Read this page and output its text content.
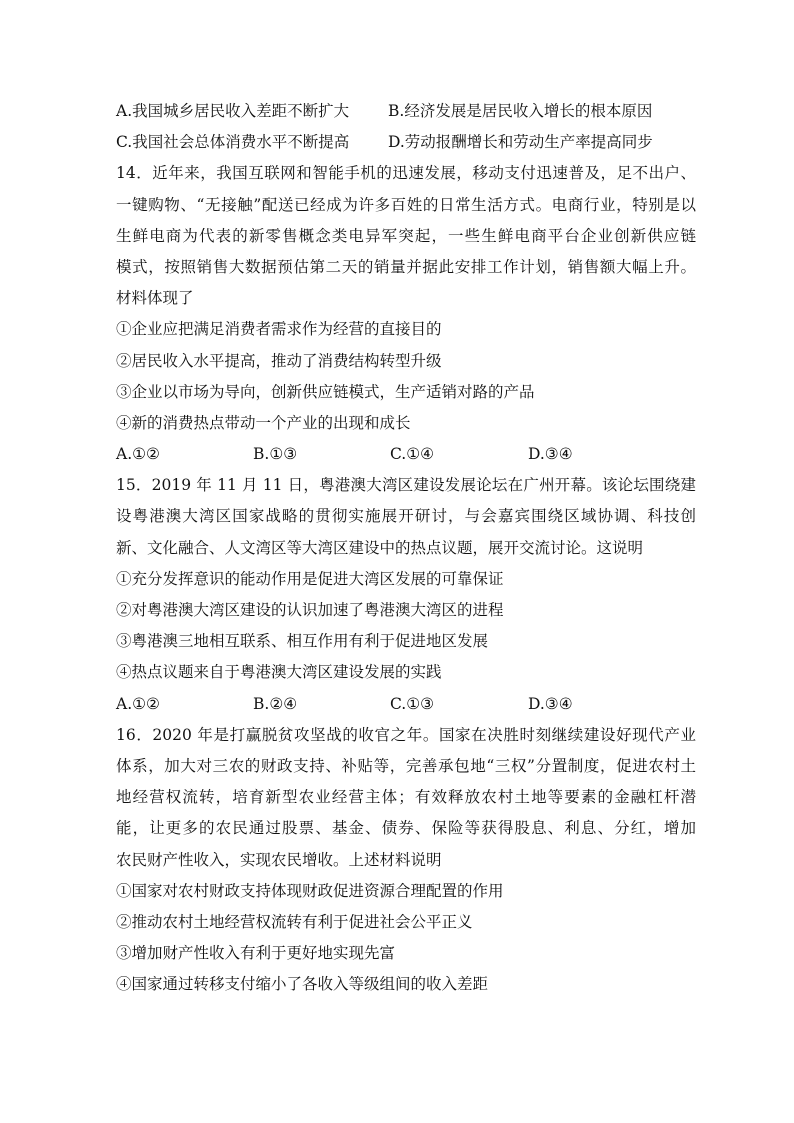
A.我国城乡居民收入差距不断扩大	B.经济发展是居民收入增长的根本原因
C.我国社会总体消费水平不断提高	D.劳动报酬增长和劳动生产率提高同步
14．近年来，我国互联网和智能手机的迅速发展，移动支付迅速普及，足不出户、
一键购物、“无接触”配送已经成为许多百姓的日常生活方式。电商行业，特别是以
生鲜电商为代表的新零售概念类电异军突起，一些生鲜电商平台企业创新供应链
模式，按照销售大数据预估第二天的销量并据此安排工作计划，销售额大幅上升。
材料体现了
①企业应把满足消费者需求作为经营的直接目的
②居民收入水平提高，推动了消费结构转型升级
③企业以市场为导向，创新供应链模式，生产适销对路的产品
④新的消费热点带动一个产业的出现和成长
A.①②	B.①③	C.①④	D.③④
15．2019 年 11 月 11 日，粤港澳大湾区建设发展论坛在广州开幕。该论坛围绕建
设粤港澳大湾区国家战略的贯彻实施展开研讨，与会嘉宾围绕区域协调、科技创
新、文化融合、人文湾区等大湾区建设中的热点议题，展开交流讨论。这说明
①充分发挥意识的能动作用是促进大湾区发展的可靠保证
②对粤港澳大湾区建设的认识加速了粤港澳大湾区的进程
③粤港澳三地相互联系、相互作用有利于促进地区发展
④热点议题来自于粤港澳大湾区建设发展的实践
A.①②	B.②④	C.①③	D.③④
16．2020 年是打赢脱贫攻坚战的收官之年。国家在决胜时刻继续建设好现代产业
体系，加大对三农的财政支持、补贴等，完善承包地“三权”分置制度，促进农村土
地经营权流转，培育新型农业经营主体；有效释放农村土地等要素的金融杠杆潜
能，让更多的农民通过股票、基金、债券、保险等获得股息、利息、分红，增加
农民财产性收入，实现农民增收。上述材料说明
①国家对农村财政支持体现财政促进资源合理配置的作用
②推动农村土地经营权流转有利于促进社会公平正义
③增加财产性收入有利于更好地实现先富
④国家通过转移支付缩小了各收入等级组间的收入差距
